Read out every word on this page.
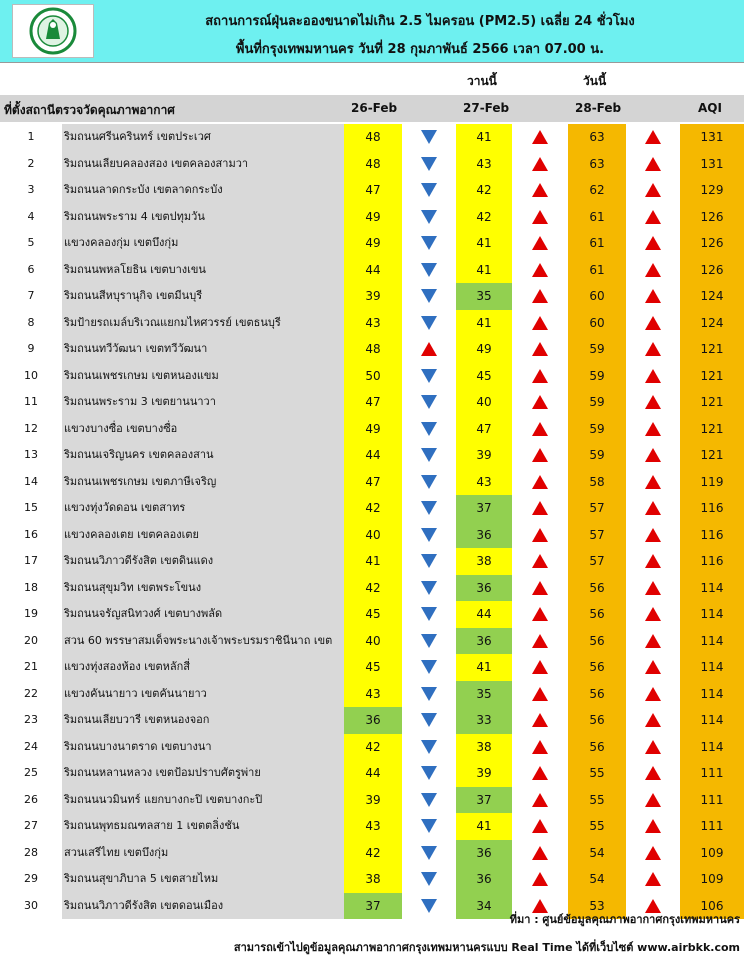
สถานการณ์ฝุ่นละอองขนาดไม่เกิน 2.5 ไมครอน (PM2.5) เฉลี่ย 24 ชั่วโมง
พื้นที่กรุงเทพมหานคร วันที่ 28 กุมภาพันธ์ 2566 เวลา 07.00 น.
วานนี้	วันนี้
ที่ตั้งสถานีตรวจวัดคุณภาพอากาศ	26-Feb	27-Feb	28-Feb	AQI
1	ริมถนนศรีนครินทร์ เขตประเวศ	48	41	63	131
2	ริมถนนเลียบคลองสอง เขตคลองสามวา	48	43	63	131
3	ริมถนนลาดกระบัง เขตลาดกระบัง	47	42	62	129
4	ริมถนนพระราม 4 เขตปทุมวัน	49	42	61	126
5	แขวงคลองกุ่ม เขตบึงกุ่ม	49	41	61	126
6	ริมถนนพหลโยธิน เขตบางเขน	44	41	61	126
7	ริมถนนสีหบุรานุกิจ เขตมีนบุรี	39	35	60	124
8	ริมป้ายรถเมล์บริเวณแยกมไหศวรรย์ เขตธนบุรี	43	41	60	124
9	ริมถนนทวีวัฒนา เขตทวีวัฒนา	48	49	59	121
10	ริมถนนเพชรเกษม เขตหนองแขม	50	45	59	121
11	ริมถนนพระราม 3 เขตยานนาวา	47	40	59	121
12	แขวงบางซื่อ เขตบางซื่อ	49	47	59	121
13	ริมถนนเจริญนคร เขตคลองสาน	44	39	59	121
14	ริมถนนเพชรเกษม เขตภาษีเจริญ	47	43	58	119
15	แขวงทุ่งวัดดอน เขตสาทร	42	37	57	116
16	แขวงคลองเตย เขตคลองเตย	40	36	57	116
17	ริมถนนวิภาวดีรังสิต เขตดินแดง	41	38	57	116
18	ริมถนนสุขุมวิท เขตพระโขนง	42	36	56	114
19	ริมถนนจรัญสนิทวงศ์ เขตบางพลัด	45	44	56	114
20	สวน 60 พรรษาสมเด็จพระนางเจ้าพระบรมราชินีนาถ เขต	40	36	56	114
21	แขวงทุ่งสองห้อง เขตหลักสี่	45	41	56	114
22	แขวงคันนายาว เขตคันนายาว	43	35	56	114
23	ริมถนนเลียบวารี เขตหนองจอก	36	33	56	114
24	ริมถนนบางนาตราด เขตบางนา	42	38	56	114
25	ริมถนนหลานหลวง เขตป้อมปราบศัตรูพ่าย	44	39	55	111
26	ริมถนนนวมินทร์ แยกบางกะปิ เขตบางกะปิ	39	37	55	111
27	ริมถนนพุทธมณฑลสาย 1 เขตตลิ่งชัน	43	41	55	111
28	สวนเสรีไทย เขตบึงกุ่ม	42	36	54	109
29	ริมถนนสุขาภิบาล 5 เขตสายไหม	38	36	54	109
30	ริมถนนวิภาวดีรังสิต เขตดอนเมือง	37	34	53	106
ที่มา : ศูนย์ข้อมูลคุณภาพอากาศกรุงเทพมหานคร
สามารถเข้าไปดูข้อมูลคุณภาพอากาศกรุงเทพมหานครแบบ Real Time ได้ที่เว็บไซต์ www.airbkk.com
